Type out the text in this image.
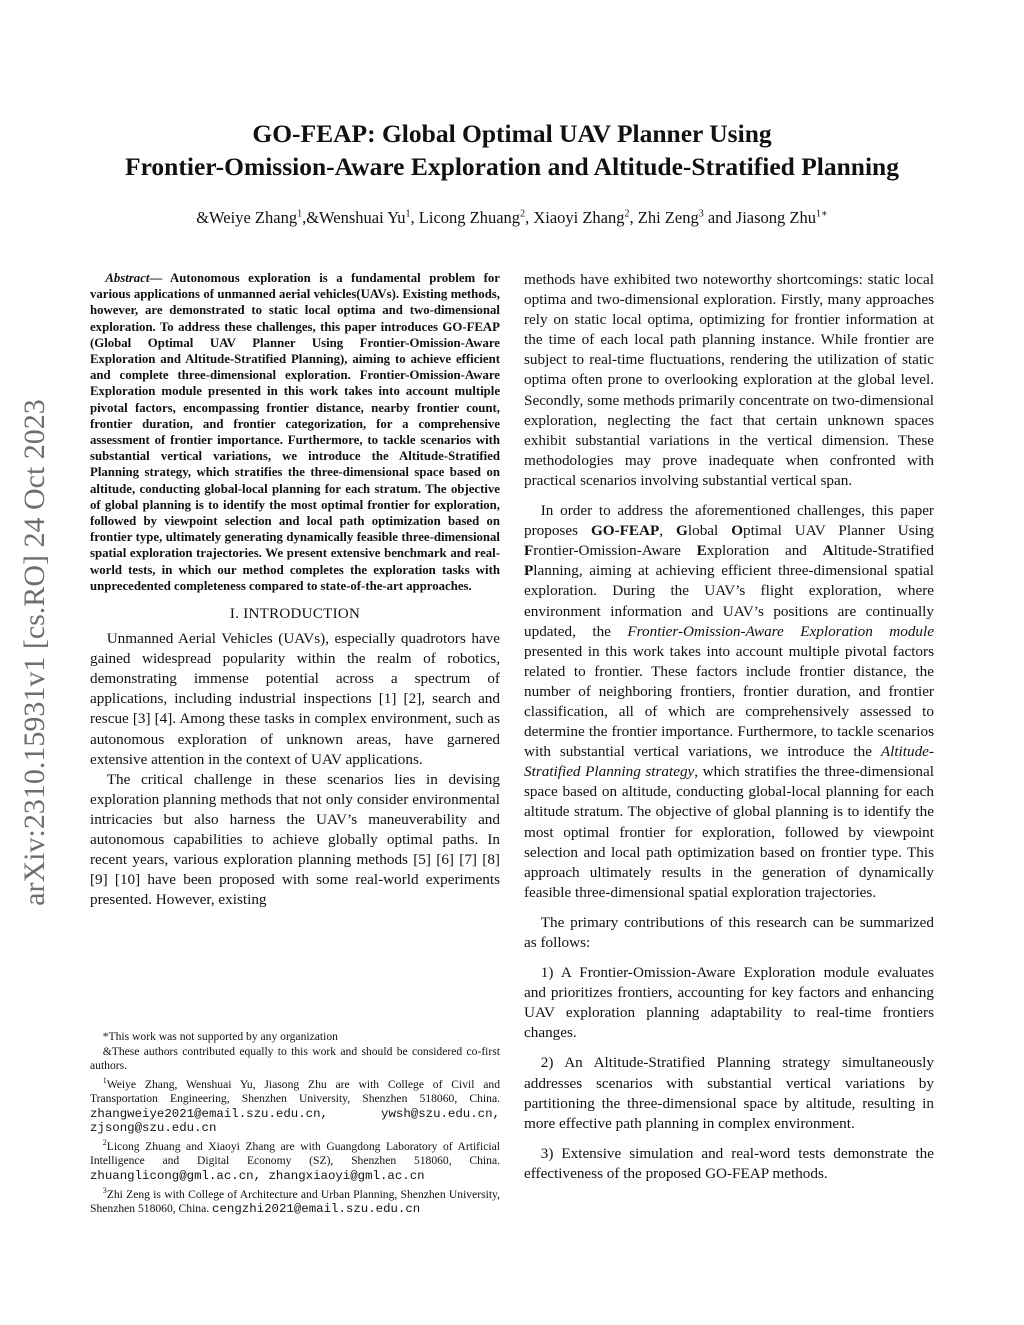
GO-FEAP: Global Optimal UAV Planner Using
Frontier-Omission-Aware Exploration and Altitude-Stratified Planning
&Weiye Zhang$^1$,&Wenshuai Yu$^1$, Licong Zhuang$^2$, Xiaoyi Zhang$^2$, Zhi Zeng$^3$ and Jiasong Zhu$^{1∗}$
arXiv:2310.15931v1 [cs.RO] 24 Oct 2023

Abstract— Autonomous exploration is a fundamental problem for various applications of unmanned aerial vehicles(UAVs). Existing methods, however, are demonstrated to static local optima and two-dimensional exploration. To address these challenges, this paper introduces GO-FEAP (Global Optimal UAV Planner Using Frontier-Omission-Aware Exploration and Altitude-Stratified Planning), aiming to achieve efficient and complete three-dimensional exploration. Frontier-Omission-Aware Exploration module presented in this work takes into account multiple pivotal factors, encompassing frontier distance, nearby frontier count, frontier duration, and frontier categorization, for a comprehensive assessment of frontier importance. Furthermore, to tackle scenarios with substantial vertical variations, we introduce the Altitude-Stratified Planning strategy, which stratifies the three-dimensional space based on altitude, conducting global-local planning for each stratum. The objective of global planning is to identify the most optimal frontier for exploration, followed by viewpoint selection and local path optimization based on frontier type, ultimately generating dynamically feasible three-dimensional spatial exploration trajectories. We present extensive benchmark and real-world tests, in which our method completes the exploration tasks with unprecedented completeness compared to state-of-the-art approaches.

I. INTRODUCTION

Unmanned Aerial Vehicles (UAVs), especially quadrotors have gained widespread popularity within the realm of robotics, demonstrating immense potential across a spectrum of applications, including industrial inspections [1] [2], search and rescue [3] [4]. Among these tasks in complex environment, such as autonomous exploration of unknown areas, have garnered extensive attention in the context of UAV applications.

The critical challenge in these scenarios lies in devising exploration planning methods that not only consider environmental intricacies but also harness the UAV’s maneuverability and autonomous capabilities to achieve globally optimal paths. In recent years, various exploration planning methods [5] [6] [7] [8] [9] [10] have been proposed with some real-world experiments presented. However, existing

*This work was not supported by any organization

&These authors contributed equally to this work and should be considered co-first authors.

$^1$Weiye Zhang, Wenshuai Yu, Jiasong Zhu are with College of Civil and Transportation Engineering, Shenzhen University, Shenzhen 518060, China. zhangweiye2021@email.szu.edu.cn, ywsh@szu.edu.cn, zjsong@szu.edu.cn

$^2$Licong Zhuang and Xiaoyi Zhang are with Guangdong Laboratory of Artificial Intelligence and Digital Economy (SZ), Shenzhen 518060, China. zhuanglicong@gml.ac.cn, zhangxiaoyi@gml.ac.cn

$^3$Zhi Zeng is with College of Architecture and Urban Planning, Shenzhen University, Shenzhen 518060, China. cengzhi2021@email.szu.edu.cn

methods have exhibited two noteworthy shortcomings: static local optima and two-dimensional exploration. Firstly, many approaches rely on static local optima, optimizing for frontier information at the time of each local path planning instance. While frontier are subject to real-time fluctuations, rendering the utilization of static optima often prone to overlooking exploration at the global level. Secondly, some methods primarily concentrate on two-dimensional exploration, neglecting the fact that certain unknown spaces exhibit substantial variations in the vertical dimension. These methodologies may prove inadequate when confronted with practical scenarios involving substantial vertical span.

In order to address the aforementioned challenges, this paper proposes GO-FEAP, Global Optimal UAV Planner Using Frontier-Omission-Aware Exploration and Altitude-Stratified Planning, aiming at achieving efficient three-dimensional spatial exploration. During the UAV’s flight exploration, where environment information and UAV’s positions are continually updated, the Frontier-Omission-Aware Exploration module presented in this work takes into account multiple pivotal factors related to frontier. These factors include frontier distance, the number of neighboring frontiers, frontier duration, and frontier classification, all of which are comprehensively assessed to determine the frontier importance. Furthermore, to tackle scenarios with substantial vertical variations, we introduce the Altitude-Stratified Planning strategy, which stratifies the three-dimensional space based on altitude, conducting global-local planning for each altitude stratum. The objective of global planning is to identify the most optimal frontier for exploration, followed by viewpoint selection and local path optimization based on frontier type. This approach ultimately results in the generation of dynamically feasible three-dimensional spatial exploration trajectories.

The primary contributions of this research can be summarized as follows:

1) A Frontier-Omission-Aware Exploration module evaluates and prioritizes frontiers, accounting for key factors and enhancing UAV exploration planning adaptability to real-time frontiers changes.

2) An Altitude-Stratified Planning strategy simultaneously addresses scenarios with substantial vertical variations by partitioning the three-dimensional space by altitude, resulting in more effective path planning in complex environment.

3) Extensive simulation and real-word tests demonstrate the effectiveness of the proposed GO-FEAP methods.
